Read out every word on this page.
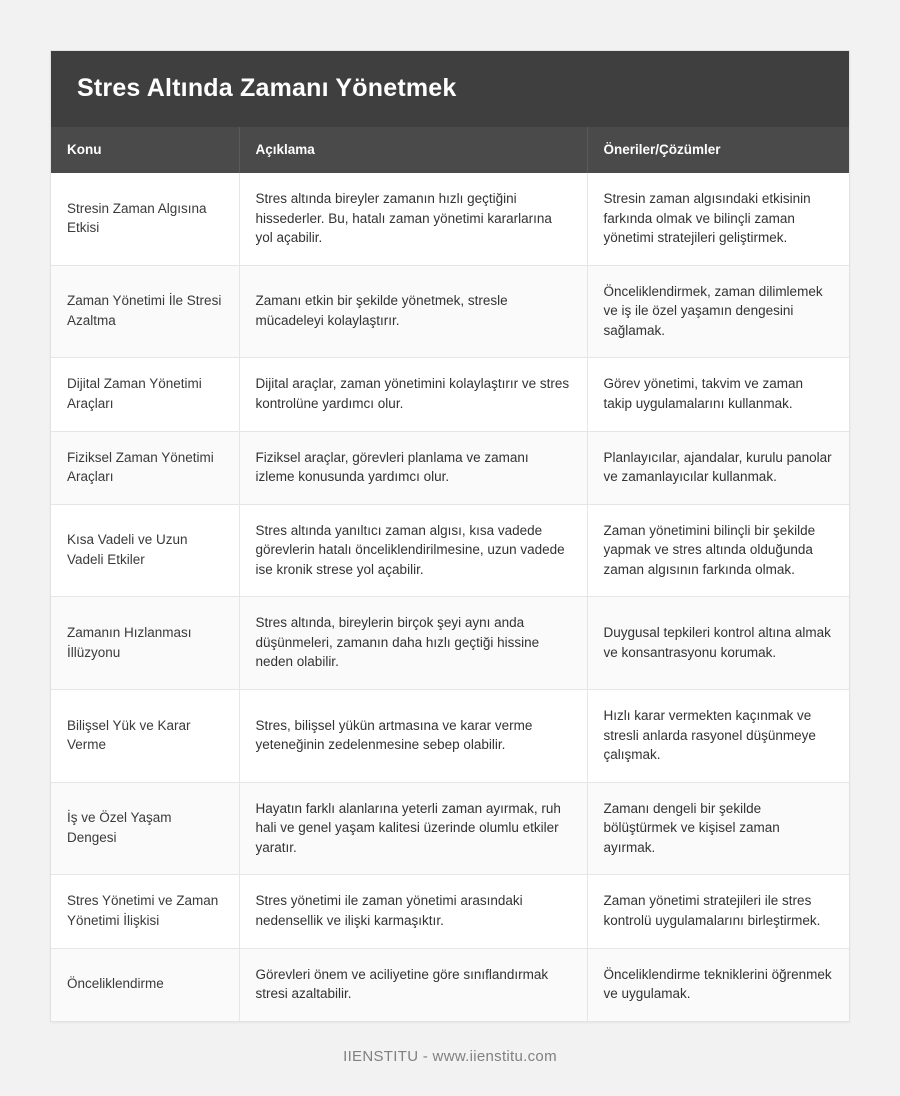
Stres Altında Zamanı Yönetmek
Konu	Açıklama	Öneriler/Çözümler
Stresin Zaman Algısına Etkisi	Stres altında bireyler zamanın hızlı geçtiğini hissederler. Bu, hatalı zaman yönetimi kararlarına yol açabilir.	Stresin zaman algısındaki etkisinin farkında olmak ve bilinçli zaman yönetimi stratejileri geliştirmek.
Zaman Yönetimi İle Stresi Azaltma	Zamanı etkin bir şekilde yönetmek, stresle mücadeleyi kolaylaştırır.	Önceliklendirmek, zaman dilimlemek ve iş ile özel yaşamın dengesini sağlamak.
Dijital Zaman Yönetimi Araçları	Dijital araçlar, zaman yönetimini kolaylaştırır ve stres kontrolüne yardımcı olur.	Görev yönetimi, takvim ve zaman takip uygulamalarını kullanmak.
Fiziksel Zaman Yönetimi Araçları	Fiziksel araçlar, görevleri planlama ve zamanı izleme konusunda yardımcı olur.	Planlayıcılar, ajandalar, kurulu panolar ve zamanlayıcılar kullanmak.
Kısa Vadeli ve Uzun Vadeli Etkiler	Stres altında yanıltıcı zaman algısı, kısa vadede görevlerin hatalı önceliklendirilmesine, uzun vadede ise kronik strese yol açabilir.	Zaman yönetimini bilinçli bir şekilde yapmak ve stres altında olduğunda zaman algısının farkında olmak.
Zamanın Hızlanması İllüzyonu	Stres altında, bireylerin birçok şeyi aynı anda düşünmeleri, zamanın daha hızlı geçtiği hissine neden olabilir.	Duygusal tepkileri kontrol altına almak ve konsantrasyonu korumak.
Bilişsel Yük ve Karar Verme	Stres, bilişsel yükün artmasına ve karar verme yeteneğinin zedelenmesine sebep olabilir.	Hızlı karar vermekten kaçınmak ve stresli anlarda rasyonel düşünmeye çalışmak.
İş ve Özel Yaşam Dengesi	Hayatın farklı alanlarına yeterli zaman ayırmak, ruh hali ve genel yaşam kalitesi üzerinde olumlu etkiler yaratır.	Zamanı dengeli bir şekilde bölüştürmek ve kişisel zaman ayırmak.
Stres Yönetimi ve Zaman Yönetimi İlişkisi	Stres yönetimi ile zaman yönetimi arasındaki nedensellik ve ilişki karmaşıktır.	Zaman yönetimi stratejileri ile stres kontrolü uygulamalarını birleştirmek.
Önceliklendirme	Görevleri önem ve aciliyetine göre sınıflandırmak stresi azaltabilir.	Önceliklendirme tekniklerini öğrenmek ve uygulamak.
IIENSTITU - www.iienstitu.com
